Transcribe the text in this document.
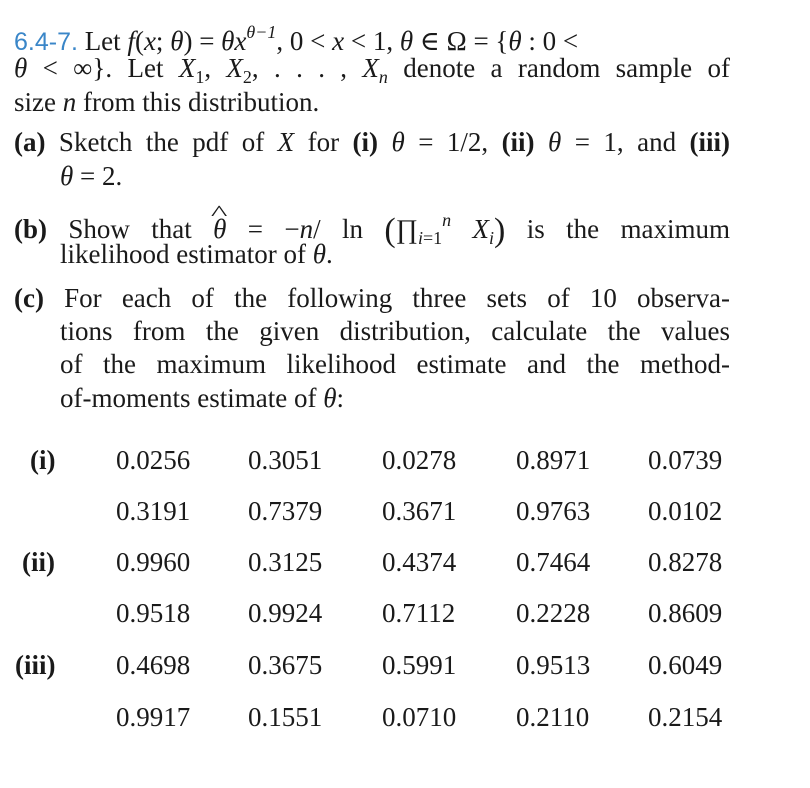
6.4-7. Let f(x; $\theta) = \theta x^{\theta-1}$, 0 < x < 1, θ ∈ Ω = {θ : 0 <
θ < ∞}. Let $X_1$, $X_2$, . . . , $X_n$ denote a random sample of
size n from this distribution.
(a) Sketch the pdf of X for (i) θ = 1/2, (ii) θ = 1, and (iii)
θ = 2.
(b) Show that ^ θ = −n/ $\ln (\prod_{i=1}^n$ $X_i$) is the maximum
likelihood estimator of θ.
(c) For each of the following three sets of 10 observa-
tions from the given distribution, calculate the values
of the maximum likelihood estimate and the method-
of-moments estimate of θ:
(i) 0.0256 0.3051 0.0278 0.8971 0.0739
0.3191 0.7379 0.3671 0.9763 0.0102
(ii) 0.9960 0.3125 0.4374 0.7464 0.8278
0.9518 0.9924 0.7112 0.2228 0.8609
(iii) 0.4698 0.3675 0.5991 0.9513 0.6049
0.9917 0.1551 0.0710 0.2110 0.2154
